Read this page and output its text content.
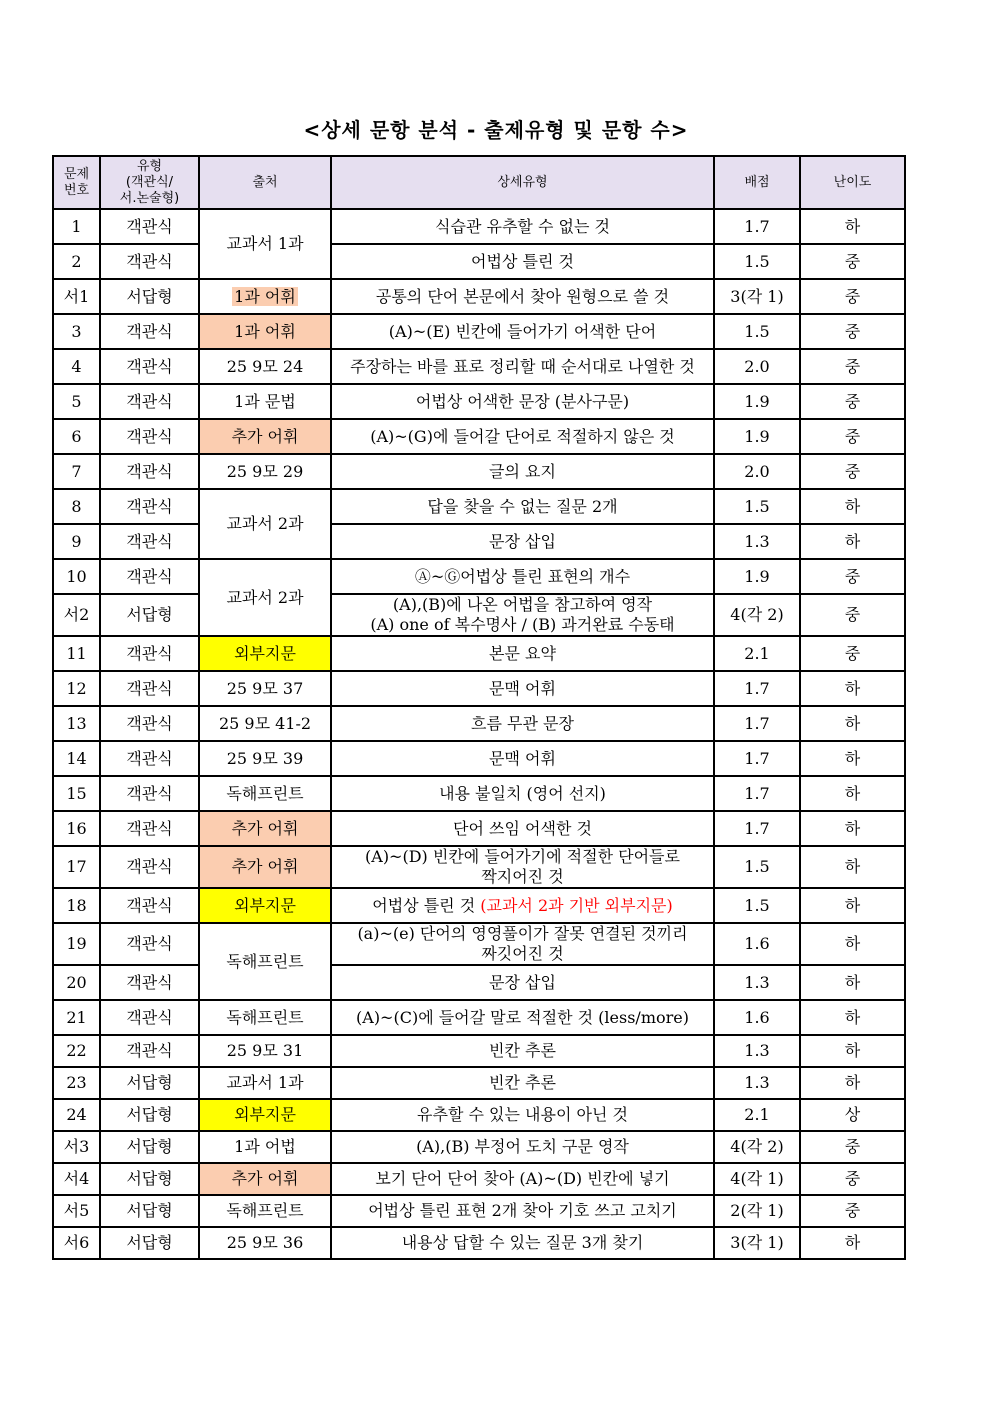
<상세 문항 분석 - 출제유형 및 문항 수>
문제
번호	유형
(객관식/
서.논술형)	출처	상세유형	배점	난이도
1	객관식	교과서 1과	식습관 유추할 수 없는 것	1.7	하
2	객관식		어법상 틀린 것	1.5	중
서1	서답형	1과 어휘	공통의 단어 본문에서 찾아 원형으로 쓸 것	3(각 1)	중
3	객관식	1과 어휘	(A)~(E) 빈칸에 들어가기 어색한 단어	1.5	중
4	객관식	25 9모 24	주장하는 바를 표로 정리할 때 순서대로 나열한 것	2.0	중
5	객관식	1과 문법	어법상 어색한 문장 (분사구문)	1.9	중
6	객관식	추가 어휘	(A)~(G)에 들어갈 단어로 적절하지 않은 것	1.9	중
7	객관식	25 9모 29	글의 요지	2.0	중
8	객관식	교과서 2과	답을 찾을 수 없는 질문 2개	1.5	하
9	객관식		문장 삽입	1.3	하
10	객관식	교과서 2과	Ⓐ~Ⓖ어법상 틀린 표현의 개수	1.9	중
서2	서답형		(A),(B)에 나온 어법을 참고하여 영작
(A) one of 복수명사 / (B) 과거완료 수동태	4(각 2)	중
11	객관식	외부지문	본문 요약	2.1	중
12	객관식	25 9모 37	문맥 어휘	1.7	하
13	객관식	25 9모 41-2	흐름 무관 문장	1.7	하
14	객관식	25 9모 39	문맥 어휘	1.7	하
15	객관식	독해프린트	내용 불일치 (영어 선지)	1.7	하
16	객관식	추가 어휘	단어 쓰임 어색한 것	1.7	하
17	객관식	추가 어휘	(A)~(D) 빈칸에 들어가기에 적절한 단어들로
짝지어진 것	1.5	하
18	객관식	외부지문	어법상 틀린 것 (교과서 2과 기반 외부지문)	1.5	하
19	객관식	독해프린트	(a)~(e) 단어의 영영풀이가 잘못 연결된 것끼리
짜깃어진 것	1.6	하
20	객관식		문장 삽입	1.3	하
21	객관식	독해프린트	(A)~(C)에 들어갈 말로 적절한 것 (less/more)	1.6	하
22	객관식	25 9모 31	빈칸 추론	1.3	하
23	서답형	교과서 1과	빈칸 추론	1.3	하
24	서답형	외부지문	유추할 수 있는 내용이 아닌 것	2.1	상
서3	서답형	1과 어법	(A),(B) 부정어 도치 구문 영작	4(각 2)	중
서4	서답형	추가 어휘	보기 단어 단어 찾아 (A)~(D) 빈칸에 넣기	4(각 1)	중
서5	서답형	독해프린트	어법상 틀린 표현 2개 찾아 기호 쓰고 고치기	2(각 1)	중
서6	서답형	25 9모 36	내용상 답할 수 있는 질문 3개 찾기	3(각 1)	하
